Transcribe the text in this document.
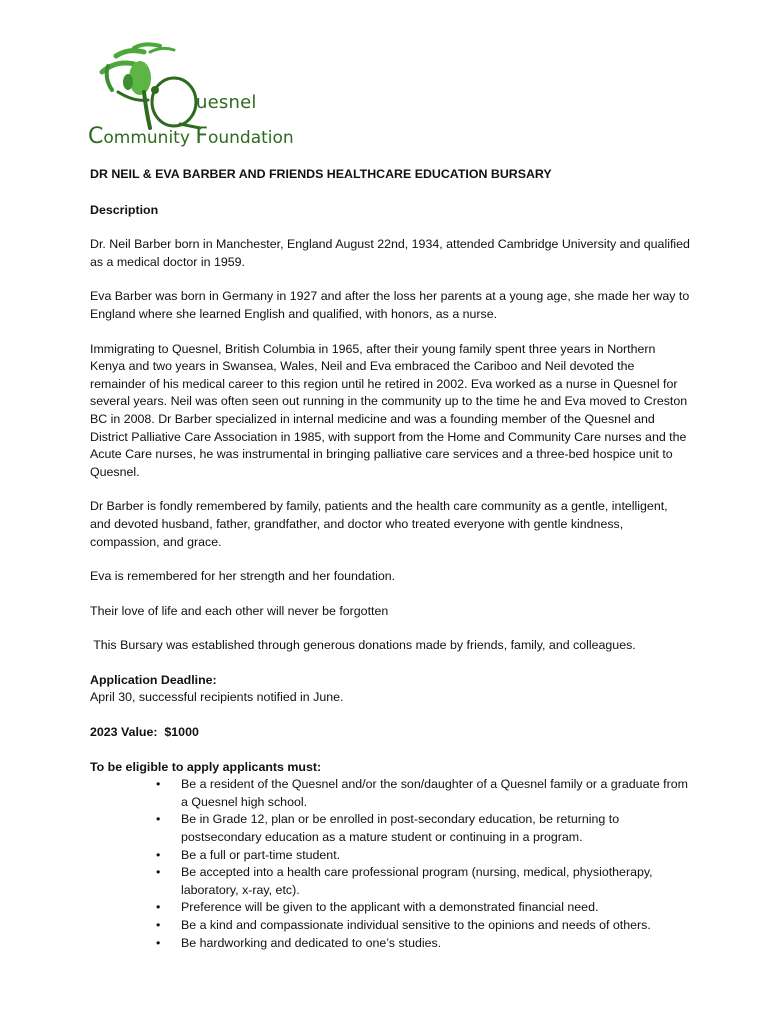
uesnel
Community Foundation
DR NEIL & EVA BARBER AND FRIENDS HEALTHCARE EDUCATION BURSARY

Description

Dr. Neil Barber born in Manchester, England August 22nd, 1934, attended Cambridge University and qualified as a medical doctor in 1959.

Eva Barber was born in Germany in 1927 and after the loss her parents at a young age, she made her way to England where she learned English and qualified, with honors, as a nurse.

Immigrating to Quesnel, British Columbia in 1965, after their young family spent three years in Northern Kenya and two years in Swansea, Wales, Neil and Eva embraced the Cariboo and Neil devoted the remainder of his medical career to this region until he retired in 2002. Eva worked as a nurse in Quesnel for several years. Neil was often seen out running in the community up to the time he and Eva moved to Creston BC in 2008. Dr Barber specialized in internal medicine and was a founding member of the Quesnel and District Palliative Care Association in 1985, with support from the Home and Community Care nurses and the Acute Care nurses, he was instrumental in bringing palliative care services and a three-bed hospice unit to Quesnel.

Dr Barber is fondly remembered by family, patients and the health care community as a gentle, intelligent, and devoted husband, father, grandfather, and doctor who treated everyone with gentle kindness, compassion, and grace.

Eva is remembered for her strength and her foundation.

Their love of life and each other will never be forgotten

This Bursary was established through generous donations made by friends, family, and colleagues.

Application Deadline:
April 30, successful recipients notified in June.

2023 Value:  $1000

To be eligible to apply applicants must:
•	Be a resident of the Quesnel and/or the son/daughter of a Quesnel family or a graduate from a Quesnel high school.
•	Be in Grade 12, plan or be enrolled in post-secondary education, be returning to postsecondary education as a mature student or continuing in a program.
•	Be a full or part-time student.
•	Be accepted into a health care professional program (nursing, medical, physiotherapy, laboratory, x-ray, etc).
•	Preference will be given to the applicant with a demonstrated financial need.
•	Be a kind and compassionate individual sensitive to the opinions and needs of others.
•	Be hardworking and dedicated to one’s studies.
